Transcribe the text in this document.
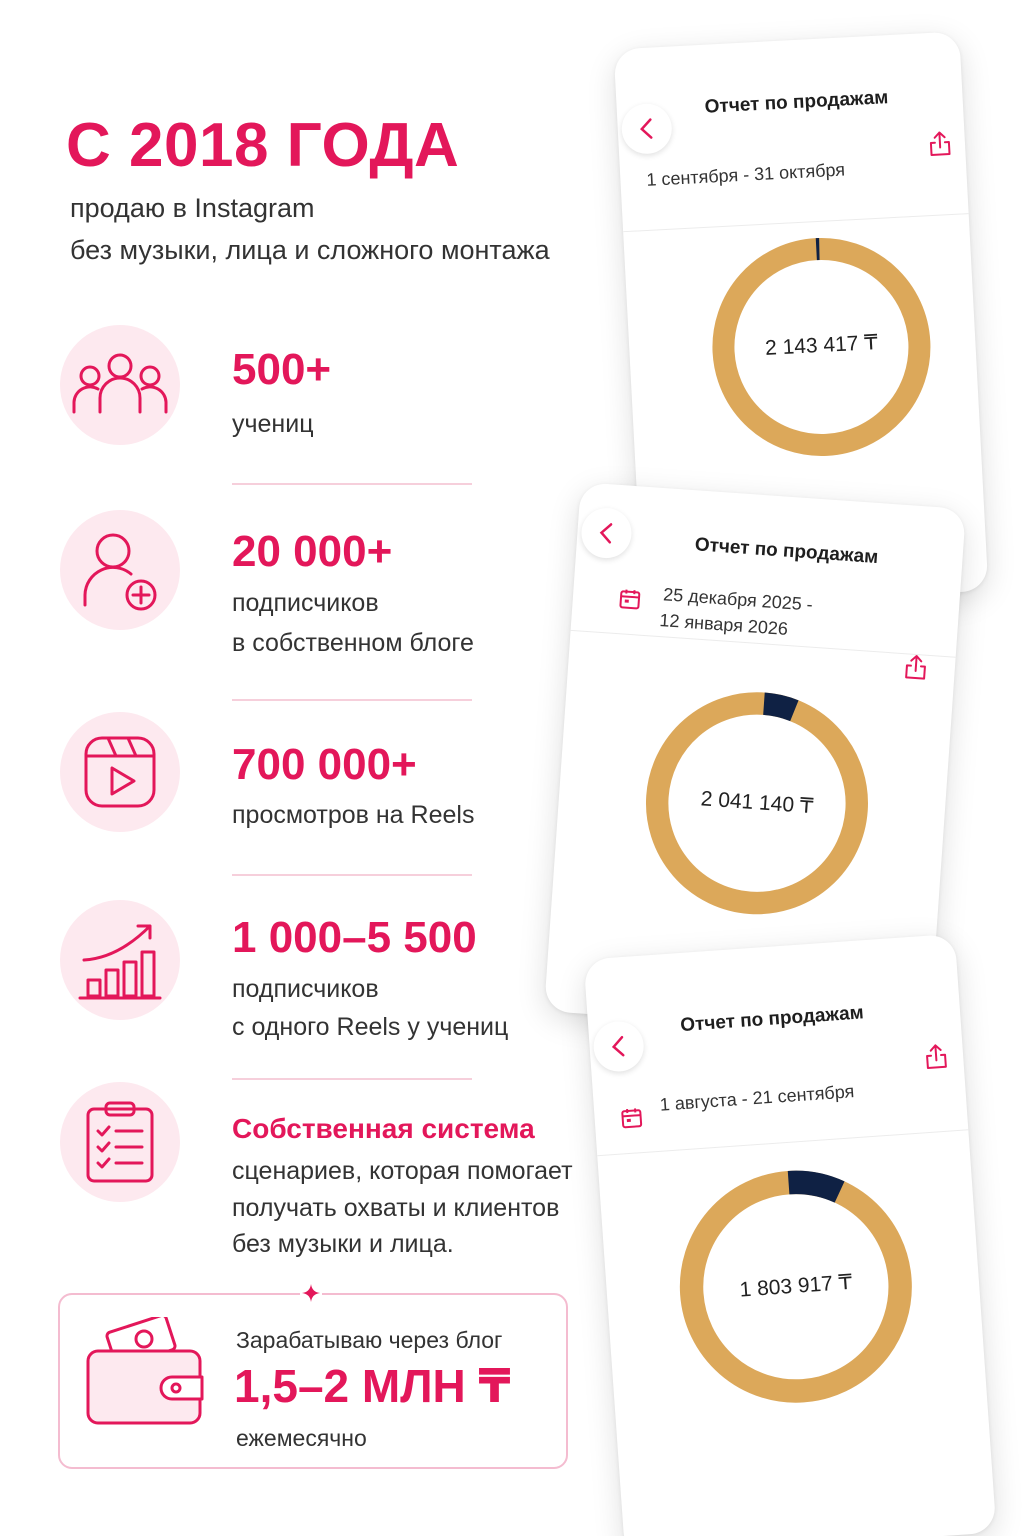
С 2018 ГОДА
продаю в Instagram
без музыки, лица и сложного монтажа
500+
учениц
20 000+
подписчиков
в собственном блоге
700 000+
просмотров на Reels
1 000–5 500
подписчиков
с одного Reels у учениц
Собственная система
сценариев, которая помогает
получать охваты и клиентов
без музыки и лица.
Зарабатываю через блог
1,5–2 МЛН ₸
ежемесячно
Отчет по продажам
1 сентября - 31 октября
2 143 417 ₸
Отчет по продажам
25 декабря 2025 -
12 января 2026
2 041 140 ₸
Отчет по продажам
1 августа - 21 сентября
1 803 917 ₸
